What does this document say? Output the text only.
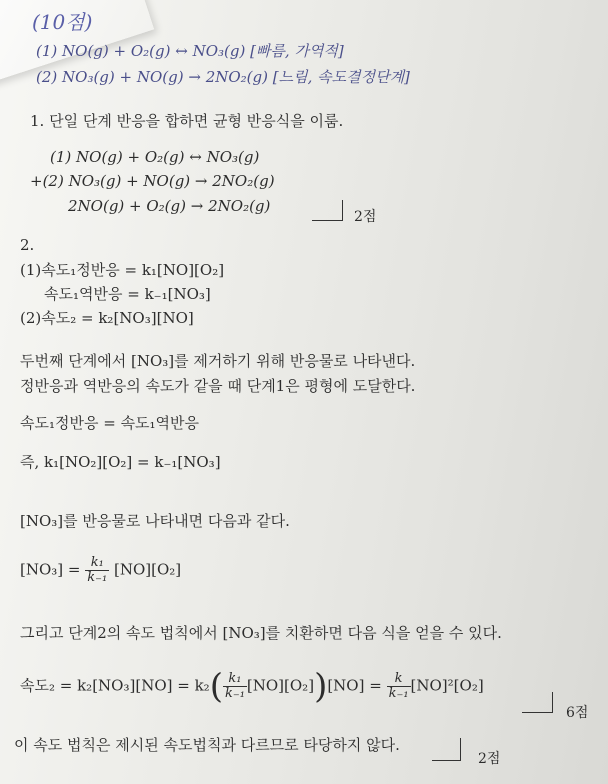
(10점)
(1) NO(g) + O₂(g) ↔ NO₃(g) [빠름, 가역적]
(2) NO₃(g) + NO(g) → 2NO₂(g) [느림, 속도결정단계]
1. 단일 단계 반응을 합하면 균형 반응식을 이룸.
(1) NO(g) + O₂(g) ↔ NO₃(g)
+(2) NO₃(g) + NO(g) → 2NO₂(g)
2NO(g) + O₂(g) → 2NO₂(g)
2점
2.
(1)속도₁정반응 = k₁[NO][O₂]
속도₁역반응 = k₋₁[NO₃]
(2)속도₂ = k₂[NO₃][NO]
두번째 단계에서 [NO₃]를 제거하기 위해 반응물로 나타낸다.
정반응과 역반응의 속도가 같을 때 단계1은 평형에 도달한다.
속도₁정반응 = 속도₁역반응
즉, k₁[NO₂][O₂] = k₋₁[NO₃]
[NO₃]를 반응물로 나타내면 다음과 같다.
$[NO_3] = \frac{\text{k₁}}{\text{k₋₁}} [NO][O_2]$
그리고 단계2의 속도 법칙에서 [NO₃]를 치환하면 다음 식을 얻을 수 있다.
속도$_2 = k_2[NO_3][NO] = k_2( \frac{\text{k₁}}{\text{k₋₁}} [NO][O_2])[NO] = \frac{k}{\text{k₋₁}} [NO]^2[O_2]$
6점
이 속도 법칙은 제시된 속도법칙과 다르므로 타당하지 않다.
2점
